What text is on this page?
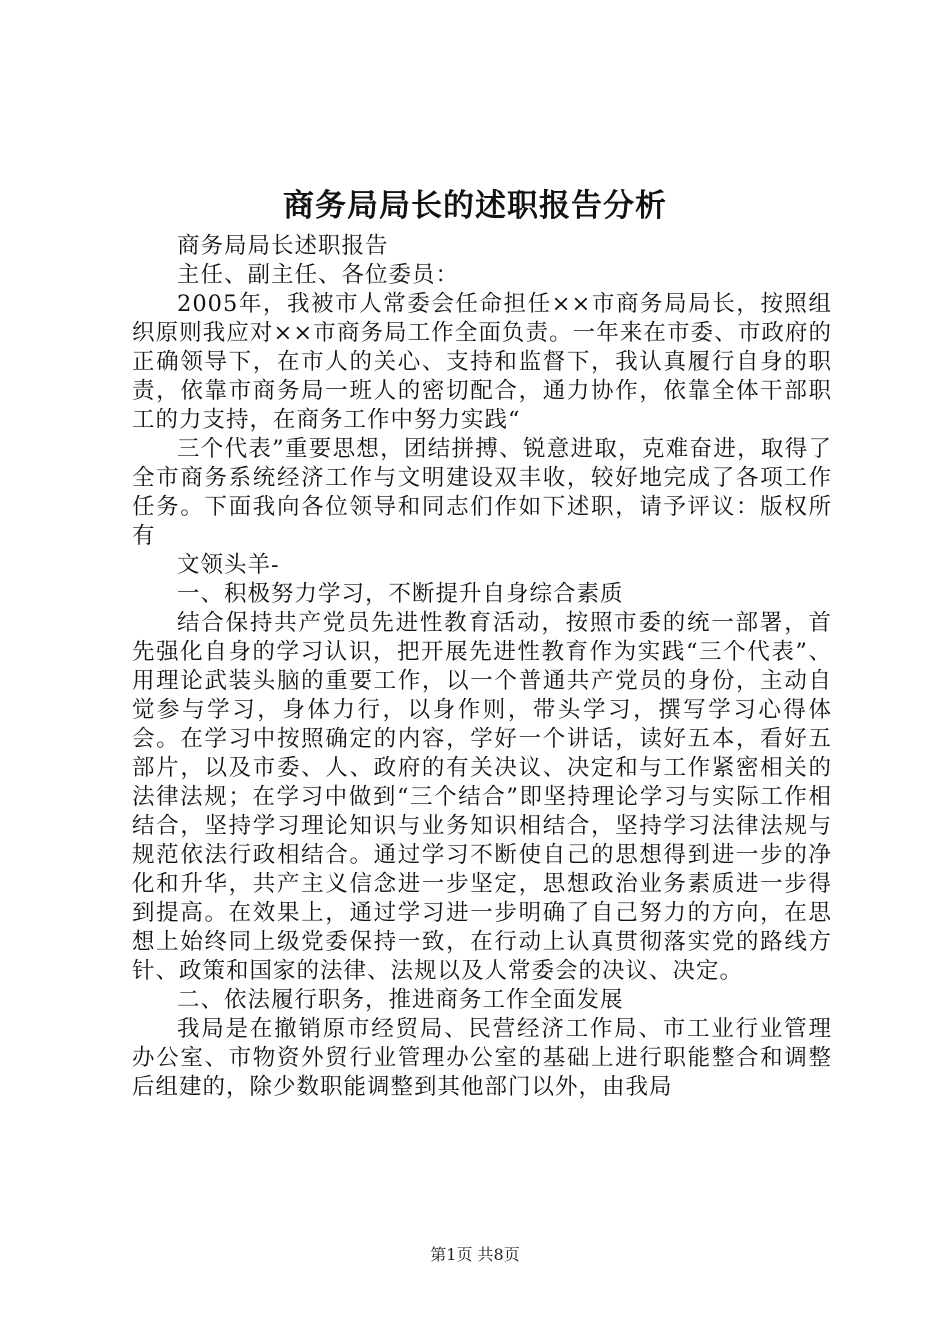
商务局局长的述职报告分析

商务局局长述职报告

主任、副主任、各位委员：

2005年，我被市人常委会任命担任××市商务局局长，按照组织原则我应对××市商务局工作全面负责。一年来在市委、市政府的正确领导下，在市人的关心、支持和监督下，我认真履行自身的职责，依靠市商务局一班人的密切配合，通力协作，依靠全体干部职工的力支持，在商务工作中努力实践“

三个代表”重要思想，团结拼搏、锐意进取，克难奋进，取得了全市商务系统经济工作与文明建设双丰收，较好地完成了各项工作任务。下面我向各位领导和同志们作如下述职，请予评议：版权所有

文领头羊-

一、积极努力学习，不断提升自身综合素质

结合保持共产党员先进性教育活动，按照市委的统一部署，首先强化自身的学习认识，把开展先进性教育作为实践“三个代表”、用理论武装头脑的重要工作，以一个普通共产党员的身份，主动自觉参与学习，身体力行，以身作则，带头学习，撰写学习心得体会。在学习中按照确定的内容，学好一个讲话，读好五本，看好五部片，以及市委、人、政府的有关决议、决定和与工作紧密相关的法律法规；在学习中做到“三个结合”即坚持理论学习与实际工作相结合，坚持学习理论知识与业务知识相结合，坚持学习法律法规与规范依法行政相结合。通过学习不断使自己的思想得到进一步的净化和升华，共产主义信念进一步坚定，思想政治业务素质进一步得到提高。在效果上，通过学习进一步明确了自己努力的方向，在思想上始终同上级党委保持一致，在行动上认真贯彻落实党的路线方针、政策和国家的法律、法规以及人常委会的决议、决定。

二、依法履行职务，推进商务工作全面发展

我局是在撤销原市经贸局、民营经济工作局、市工业行业管理办公室、市物资外贸行业管理办公室的基础上进行职能整合和调整后组建的，除少数职能调整到其他部门以外，由我局

第1页 共8页
